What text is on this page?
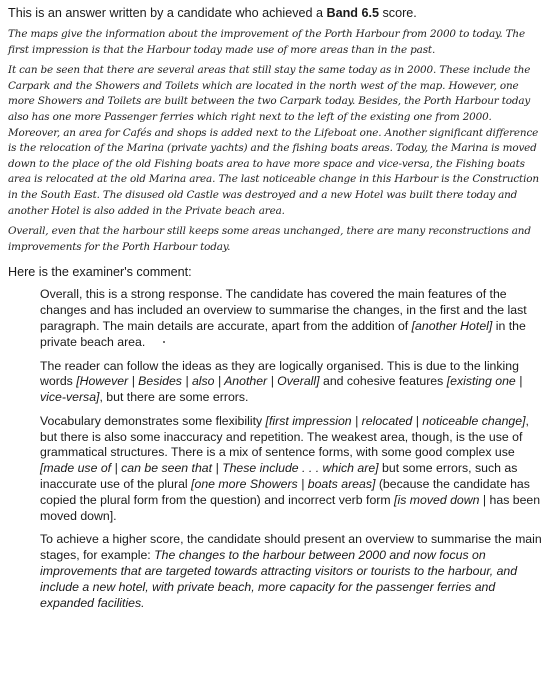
This is an answer written by a candidate who achieved a Band 6.5 score.

The maps give the information about the improvement of the Porth Harbour from 2000 to today. The first impression is that the Harbour today made use of more areas than in the past.

It can be seen that there are several areas that still stay the same today as in 2000. These include the Carpark and the Showers and Toilets which are located in the north west of the map. However, one more Showers and Toilets are built between the two Carpark today. Besides, the Porth Harbour today also has one more Passenger ferries which right next to the left of the existing one from 2000. Moreover, an area for Cafés and shops is added next to the Lifeboat one. Another significant difference is the relocation of the Marina (private yachts) and the fishing boats areas. Today, the Marina is moved down to the place of the old Fishing boats area to have more space and vice-versa, the Fishing boats area is relocated at the old Marina area. The last noticeable change in this Harbour is the Construction in the South East. The disused old Castle was destroyed and a new Hotel was built there today and another Hotel is also added in the Private beach area.

Overall, even that the harbour still keeps some areas unchanged, there are many reconstructions and improvements for the Porth Harbour today.

Here is the examiner's comment:

Overall, this is a strong response. The candidate has covered the main features of the changes and has included an overview to summarise the changes, in the first and the last paragraph. The main details are accurate, apart from the addition of [another Hotel] in the private beach area.

The reader can follow the ideas as they are logically organised. This is due to the linking words [However | Besides | also | Another | Overall] and cohesive features [existing one | vice-versa], but there are some errors.

Vocabulary demonstrates some flexibility [first impression | relocated | noticeable change], but there is also some inaccuracy and repetition. The weakest area, though, is the use of grammatical structures. There is a mix of sentence forms, with some good complex use [made use of | can be seen that | These include . . . which are] but some errors, such as inaccurate use of the plural [one more Showers | boats areas] (because the candidate has copied the plural form from the question) and incorrect verb form [is moved down | has been moved down].

To achieve a higher score, the candidate should present an overview to summarise the main stages, for example: The changes to the harbour between 2000 and now focus on improvements that are targeted towards attracting visitors or tourists to the harbour, and include a new hotel, with private beach, more capacity for the passenger ferries and expanded facilities.
